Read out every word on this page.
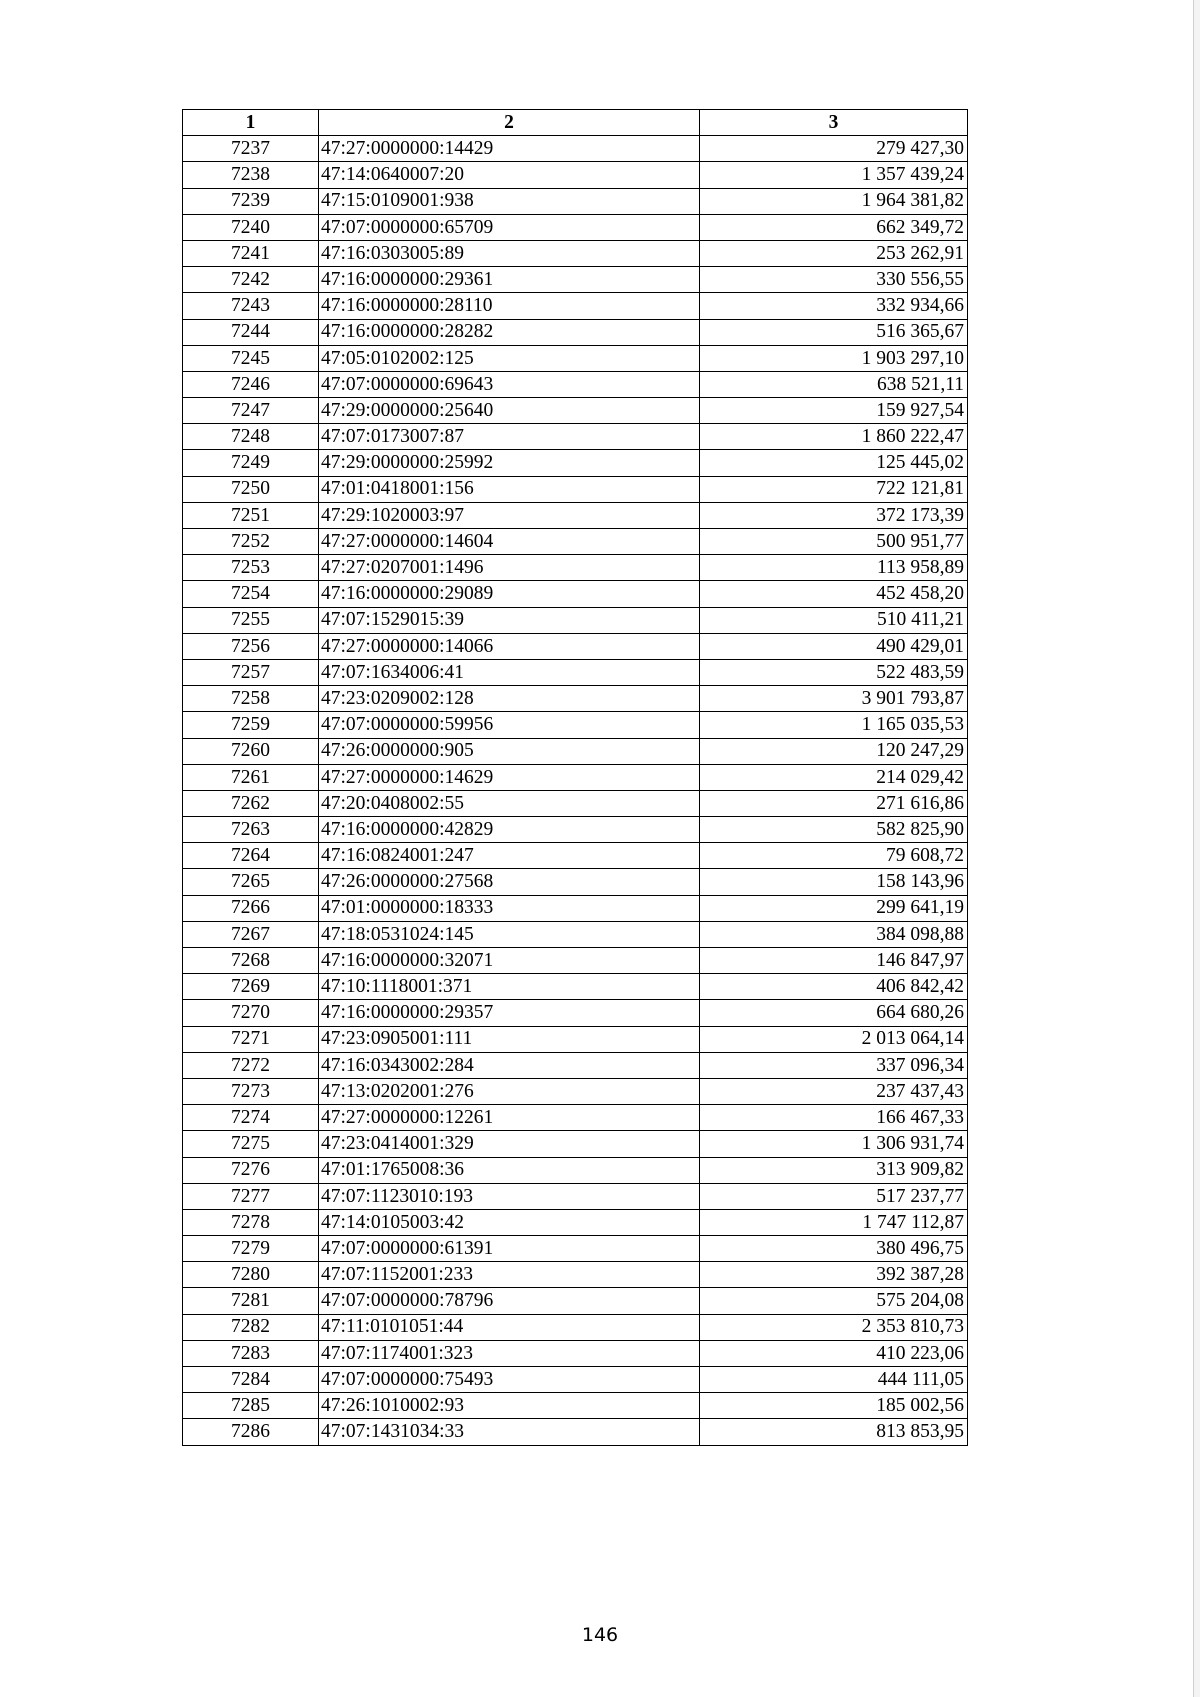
1	2	3
7237	47:27:0000000:14429	279 427,30
7238	47:14:0640007:20	1 357 439,24
7239	47:15:0109001:938	1 964 381,82
7240	47:07:0000000:65709	662 349,72
7241	47:16:0303005:89	253 262,91
7242	47:16:0000000:29361	330 556,55
7243	47:16:0000000:28110	332 934,66
7244	47:16:0000000:28282	516 365,67
7245	47:05:0102002:125	1 903 297,10
7246	47:07:0000000:69643	638 521,11
7247	47:29:0000000:25640	159 927,54
7248	47:07:0173007:87	1 860 222,47
7249	47:29:0000000:25992	125 445,02
7250	47:01:0418001:156	722 121,81
7251	47:29:1020003:97	372 173,39
7252	47:27:0000000:14604	500 951,77
7253	47:27:0207001:1496	113 958,89
7254	47:16:0000000:29089	452 458,20
7255	47:07:1529015:39	510 411,21
7256	47:27:0000000:14066	490 429,01
7257	47:07:1634006:41	522 483,59
7258	47:23:0209002:128	3 901 793,87
7259	47:07:0000000:59956	1 165 035,53
7260	47:26:0000000:905	120 247,29
7261	47:27:0000000:14629	214 029,42
7262	47:20:0408002:55	271 616,86
7263	47:16:0000000:42829	582 825,90
7264	47:16:0824001:247	79 608,72
7265	47:26:0000000:27568	158 143,96
7266	47:01:0000000:18333	299 641,19
7267	47:18:0531024:145	384 098,88
7268	47:16:0000000:32071	146 847,97
7269	47:10:1118001:371	406 842,42
7270	47:16:0000000:29357	664 680,26
7271	47:23:0905001:111	2 013 064,14
7272	47:16:0343002:284	337 096,34
7273	47:13:0202001:276	237 437,43
7274	47:27:0000000:12261	166 467,33
7275	47:23:0414001:329	1 306 931,74
7276	47:01:1765008:36	313 909,82
7277	47:07:1123010:193	517 237,77
7278	47:14:0105003:42	1 747 112,87
7279	47:07:0000000:61391	380 496,75
7280	47:07:1152001:233	392 387,28
7281	47:07:0000000:78796	575 204,08
7282	47:11:0101051:44	2 353 810,73
7283	47:07:1174001:323	410 223,06
7284	47:07:0000000:75493	444 111,05
7285	47:26:1010002:93	185 002,56
7286	47:07:1431034:33	813 853,95
146
